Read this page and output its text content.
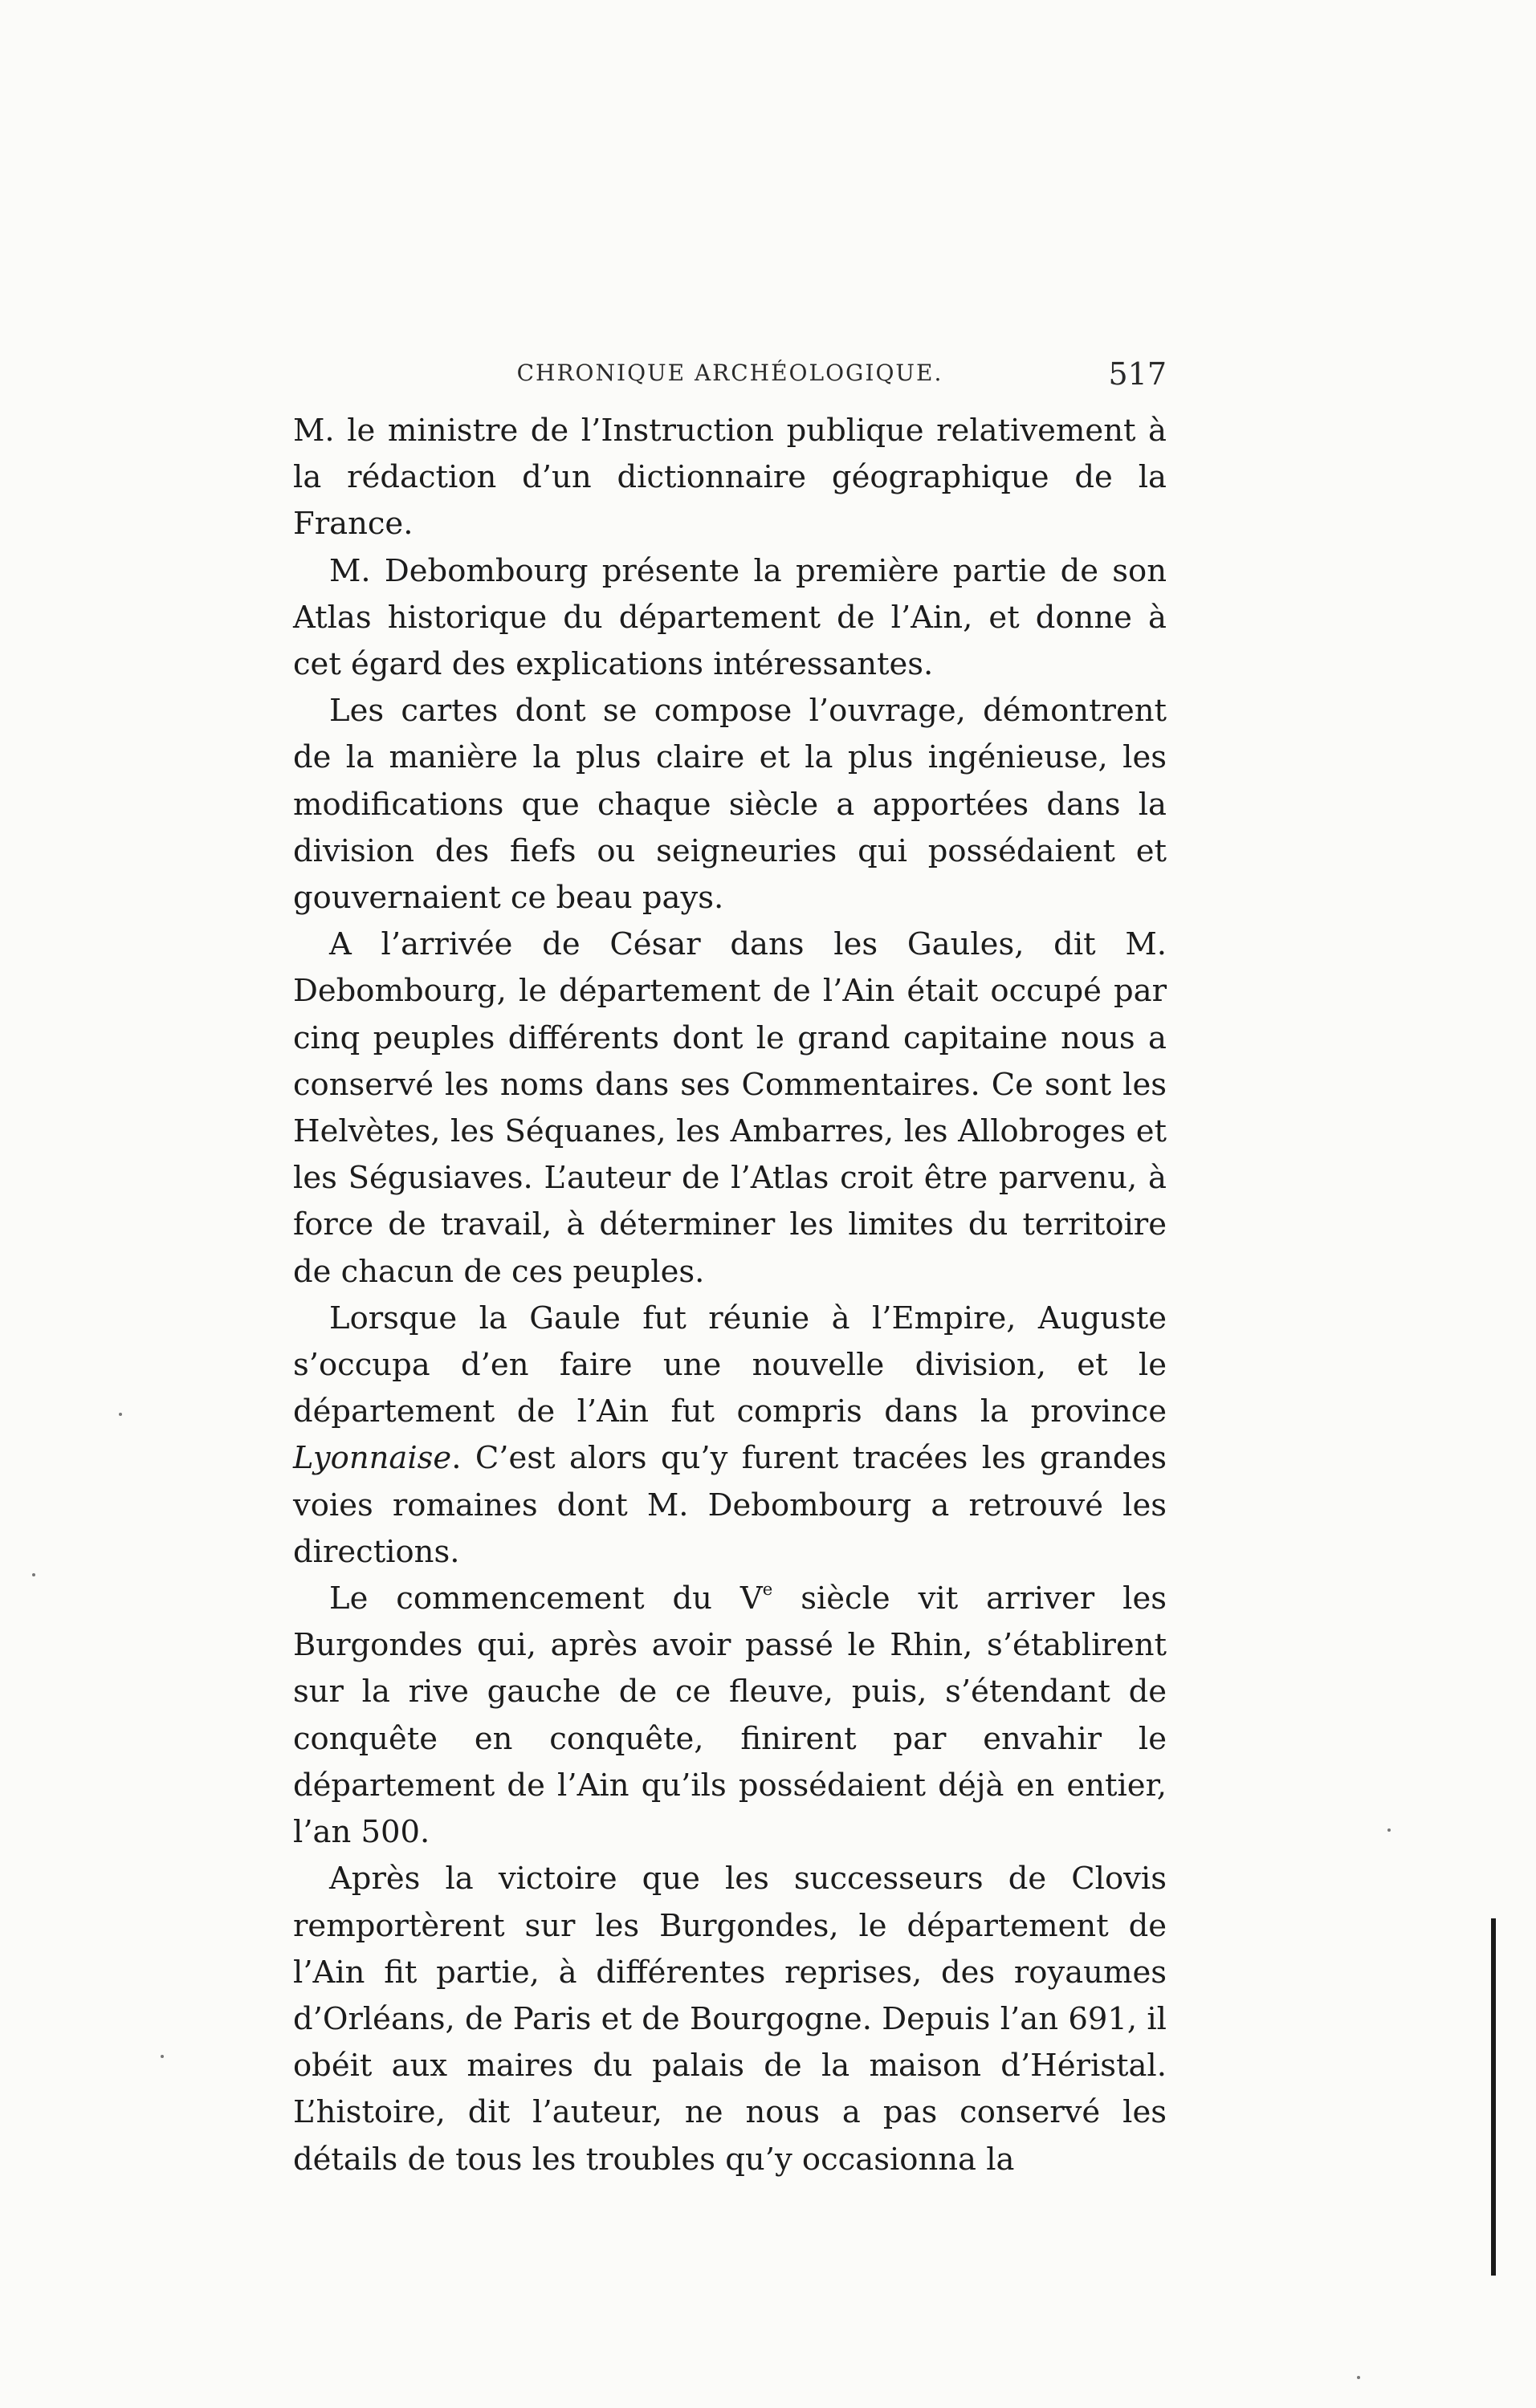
CHRONIQUE ARCHÉOLOGIQUE.	517

M. le ministre de l’Instruction publique relativement à la rédaction d’un dictionnaire géographique de la France.

M. Debombourg présente la première partie de son Atlas historique du département de l’Ain, et donne à cet égard des explications intéressantes.

Les cartes dont se compose l’ouvrage, démontrent de la manière la plus claire et la plus ingénieuse, les modifications que chaque siècle a apportées dans la division des fiefs ou seigneuries qui possédaient et gouvernaient ce beau pays.

A l’arrivée de César dans les Gaules, dit M. Debombourg, le département de l’Ain était occupé par cinq peuples différents dont le grand capitaine nous a conservé les noms dans ses Commentaires. Ce sont les Helvètes, les Séquanes, les Ambarres, les Allobroges et les Ségusiaves. L’auteur de l’Atlas croit être parvenu, à force de travail, à déterminer les limites du territoire de chacun de ces peuples.

Lorsque la Gaule fut réunie à l’Empire, Auguste s’occupa d’en faire une nouvelle division, et le département de l’Ain fut compris dans la province Lyonnaise. C’est alors qu’y furent tracées les grandes voies romaines dont M. Debombourg a retrouvé les directions.

Le commencement du Ve siècle vit arriver les Burgondes qui, après avoir passé le Rhin, s’établirent sur la rive gauche de ce fleuve, puis, s’étendant de conquête en conquête, finirent par envahir le département de l’Ain qu’ils possédaient déjà en entier, l’an 500.

Après la victoire que les successeurs de Clovis remportèrent sur les Burgondes, le département de l’Ain fit partie, à différentes reprises, des royaumes d’Orléans, de Paris et de Bourgogne. Depuis l’an 691, il obéit aux maires du palais de la maison d’Héristal. L’histoire, dit l’auteur, ne nous a pas conservé les détails de tous les troubles qu’y occasionna la
